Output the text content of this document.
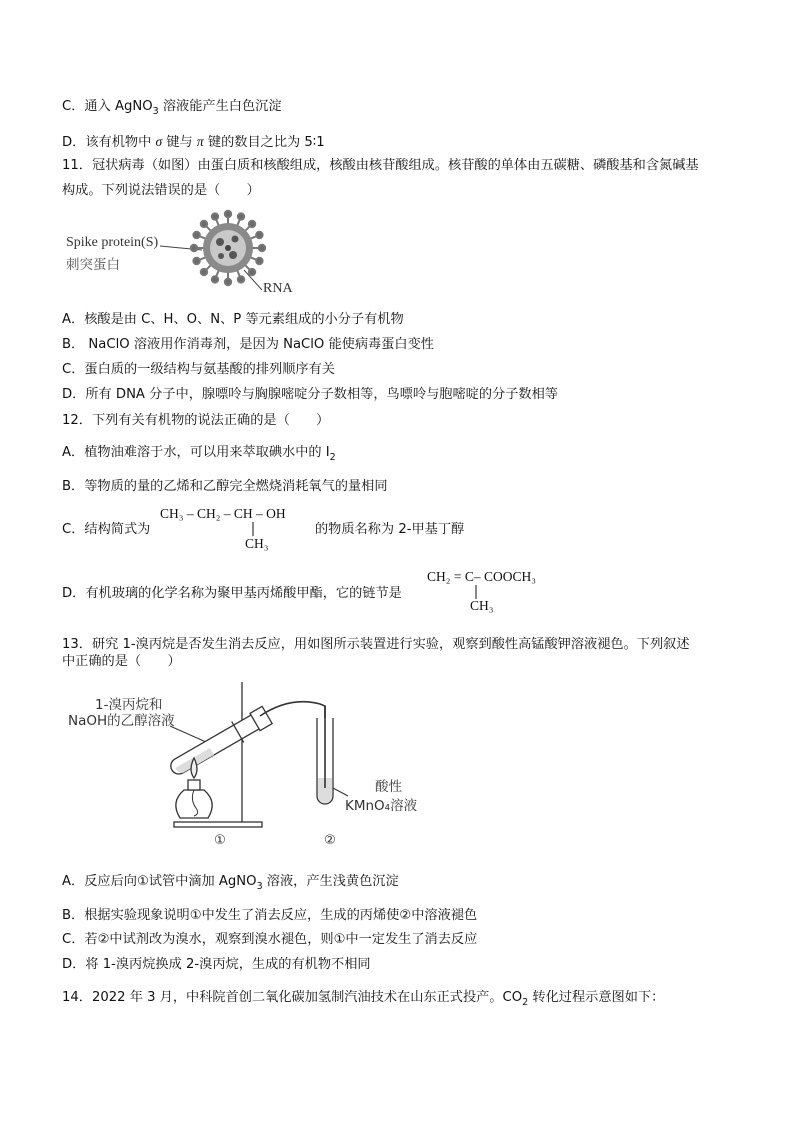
C．通入 AgNO$_3$ 溶液能产生白色沉淀
D．该有机物中 σ 键与 π 键的数目之比为 5∶1
11．冠状病毒（如图）由蛋白质和核酸组成，核酸由核苷酸组成。核苷酸的单体由五碳糖、磷酸基和含氮碱基
构成。下列说法错误的是（　　）
Spike protein(S)
刺突蛋白
RNA
A．核酸是由 C、H、O、N、P 等元素组成的小分子有机物
B． NaClO 溶液用作消毒剂，是因为 NaClO 能使病毒蛋白变性
C．蛋白质的一级结构与氨基酸的排列顺序有关
D．所有 DNA 分子中，腺嘌呤与胸腺嘧啶分子数相等，鸟嘌呤与胞嘧啶的分子数相等
12．下列有关有机物的说法正确的是（　　）
A．植物油难溶于水，可以用来萃取碘水中的 $I_2$
B．等物质的量的乙烯和乙醇完全燃烧消耗氧气的量相同
C．结构简式为
CH₃ – CH₂ – CH – OH
CH₃
的物质名称为 2-甲基丁醇
D．有机玻璃的化学名称为聚甲基丙烯酸甲酯，它的链节是
CH₂ = C– COOCH₃
CH₃
13．研究 1-溴丙烷是否发生消去反应，用如图所示装置进行实验，观察到酸性高锰酸钾溶液褪色。下列叙述
中正确的是（　　）
1-溴丙烷和
NaOH的乙醇溶液
酸性
KMnO₄溶液
①	②
A．反应后向①试管中滴加 AgNO$_3$ 溶液，产生浅黄色沉淀
B．根据实验现象说明①中发生了消去反应，生成的丙烯使②中溶液褪色
C．若②中试剂改为溴水，观察到溴水褪色，则①中一定发生了消去反应
D．将 1-溴丙烷换成 2-溴丙烷，生成的有机物不相同
14．2022 年 3 月，中科院首创二氧化碳加氢制汽油技术在山东正式投产。$CO_2$ 转化过程示意图如下：
